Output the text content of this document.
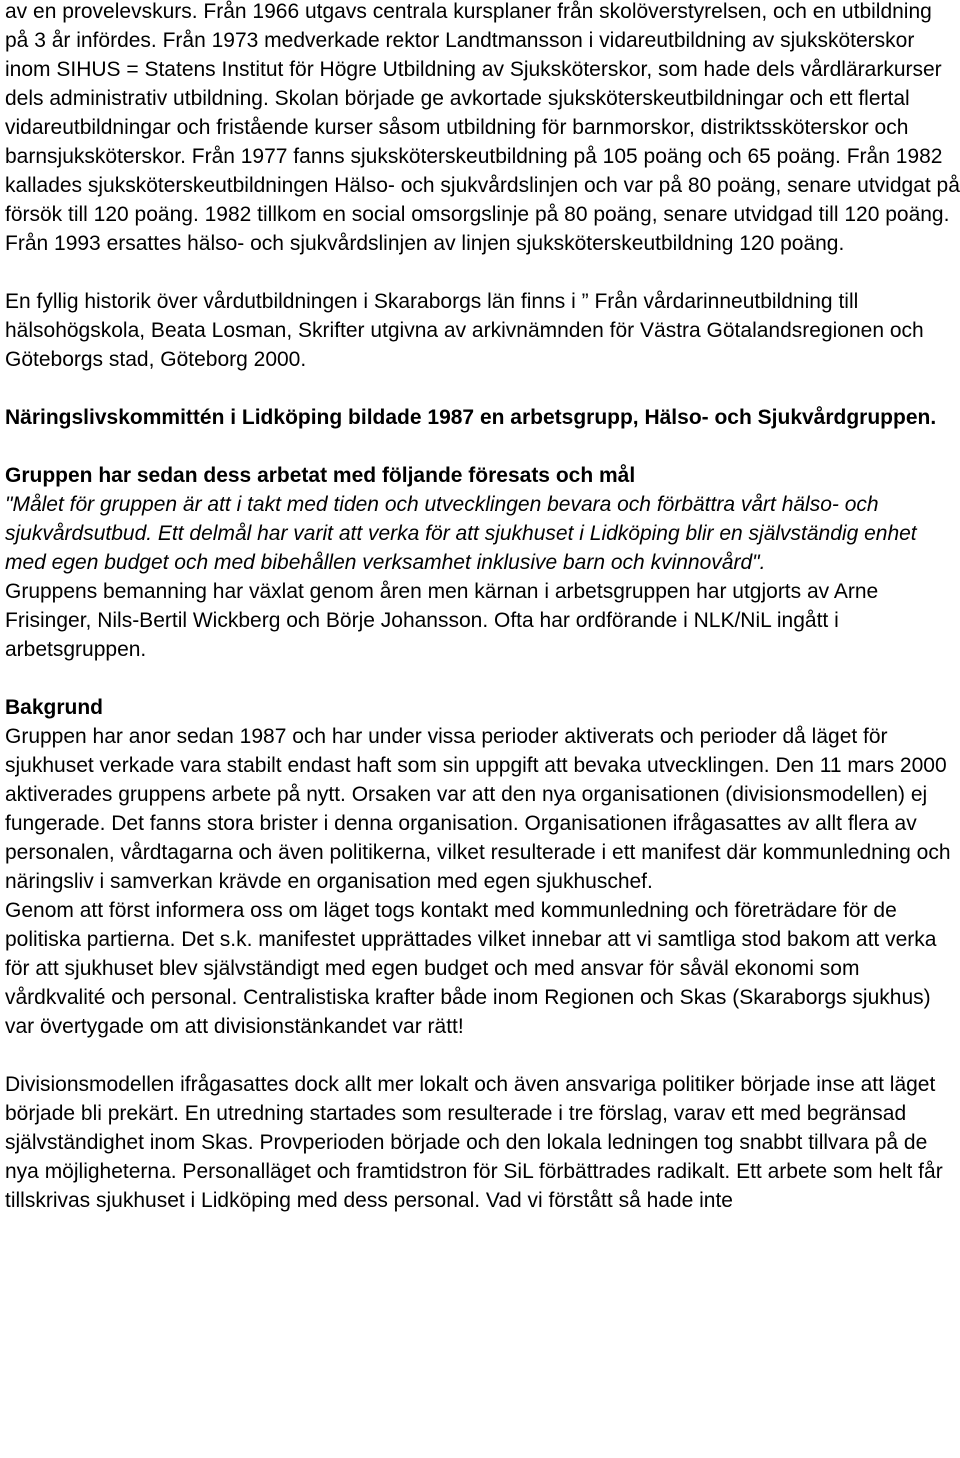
av en provelevskurs. Från 1966 utgavs centrala kursplaner från skolöverstyrelsen, och en utbildning på 3 år infördes. Från 1973 medverkade rektor Landtmansson i vidareutbildning av sjuksköterskor inom SIHUS = Statens Institut för Högre Utbildning av Sjuksköterskor, som hade dels vårdlärarkurser dels administrativ utbildning. Skolan började ge avkortade sjuksköterskeutbildningar och ett flertal vidareutbildningar och fristående kurser såsom utbildning för barnmorskor, distriktssköterskor och barnsjuksköterskor. Från 1977 fanns sjuksköterskeutbildning på 105 poäng och 65 poäng. Från 1982 kallades sjuksköterskeutbildningen Hälso- och sjukvårdslinjen och var på 80 poäng, senare utvidgat på försök till 120 poäng. 1982 tillkom en social omsorgslinje på 80 poäng, senare utvidgad till 120 poäng. Från 1993 ersattes hälso- och sjukvårdslinjen av linjen sjuksköterskeutbildning 120 poäng.

En fyllig historik över vårdutbildningen i Skaraborgs län finns i ” Från vårdarinneutbildning till hälsohögskola, Beata Losman, Skrifter utgivna av arkivnämnden för Västra Götalandsregionen och Göteborgs stad, Göteborg 2000.

Näringslivskommittén i Lidköping bildade 1987 en arbetsgrupp, Hälso- och Sjukvårdgruppen.

Gruppen har sedan dess arbetat med följande föresats och mål

"Målet för gruppen är att i takt med tiden och utvecklingen bevara och förbättra vårt hälso- och sjukvårdsutbud. Ett delmål har varit att verka för att sjukhuset i Lidköping blir en självständig enhet med egen budget och med bibehållen verksamhet inklusive barn och kvinnovård".

Gruppens bemanning har växlat genom åren men kärnan i arbetsgruppen har utgjorts av Arne Frisinger, Nils-Bertil Wickberg och Börje Johansson. Ofta har ordförande i NLK/NiL ingått i arbetsgruppen.

Bakgrund

Gruppen har anor sedan 1987 och har under vissa perioder aktiverats och perioder då läget för sjukhuset verkade vara stabilt endast haft som sin uppgift att bevaka utvecklingen. Den 11 mars 2000 aktiverades gruppens arbete på nytt. Orsaken var att den nya organisationen (divisionsmodellen) ej fungerade. Det fanns stora brister i denna organisation. Organisationen ifrågasattes av allt flera av personalen, vårdtagarna och även politikerna, vilket resulterade i ett manifest där kommunledning och näringsliv i samverkan krävde en organisation med egen sjukhuschef.

Genom att först informera oss om läget togs kontakt med kommunledning och företrädare för de politiska partierna. Det s.k. manifestet upprättades vilket innebar att vi samtliga stod bakom att verka för att sjukhuset blev självständigt med egen budget och med ansvar för såväl ekonomi som vårdkvalité och personal. Centralistiska krafter både inom Regionen och Skas (Skaraborgs sjukhus) var övertygade om att divisionstänkandet var rätt!

Divisionsmodellen ifrågasattes dock allt mer lokalt och även ansvariga politiker började inse att läget började bli prekärt. En utredning startades som resulterade i tre förslag, varav ett med begränsad självständighet inom Skas. Provperioden började och den lokala ledningen tog snabbt tillvara på de nya möjligheterna. Personalläget och framtidstron för SiL förbättrades radikalt. Ett arbete som helt får tillskrivas sjukhuset i Lidköping med dess personal. Vad vi förstått så hade inte
